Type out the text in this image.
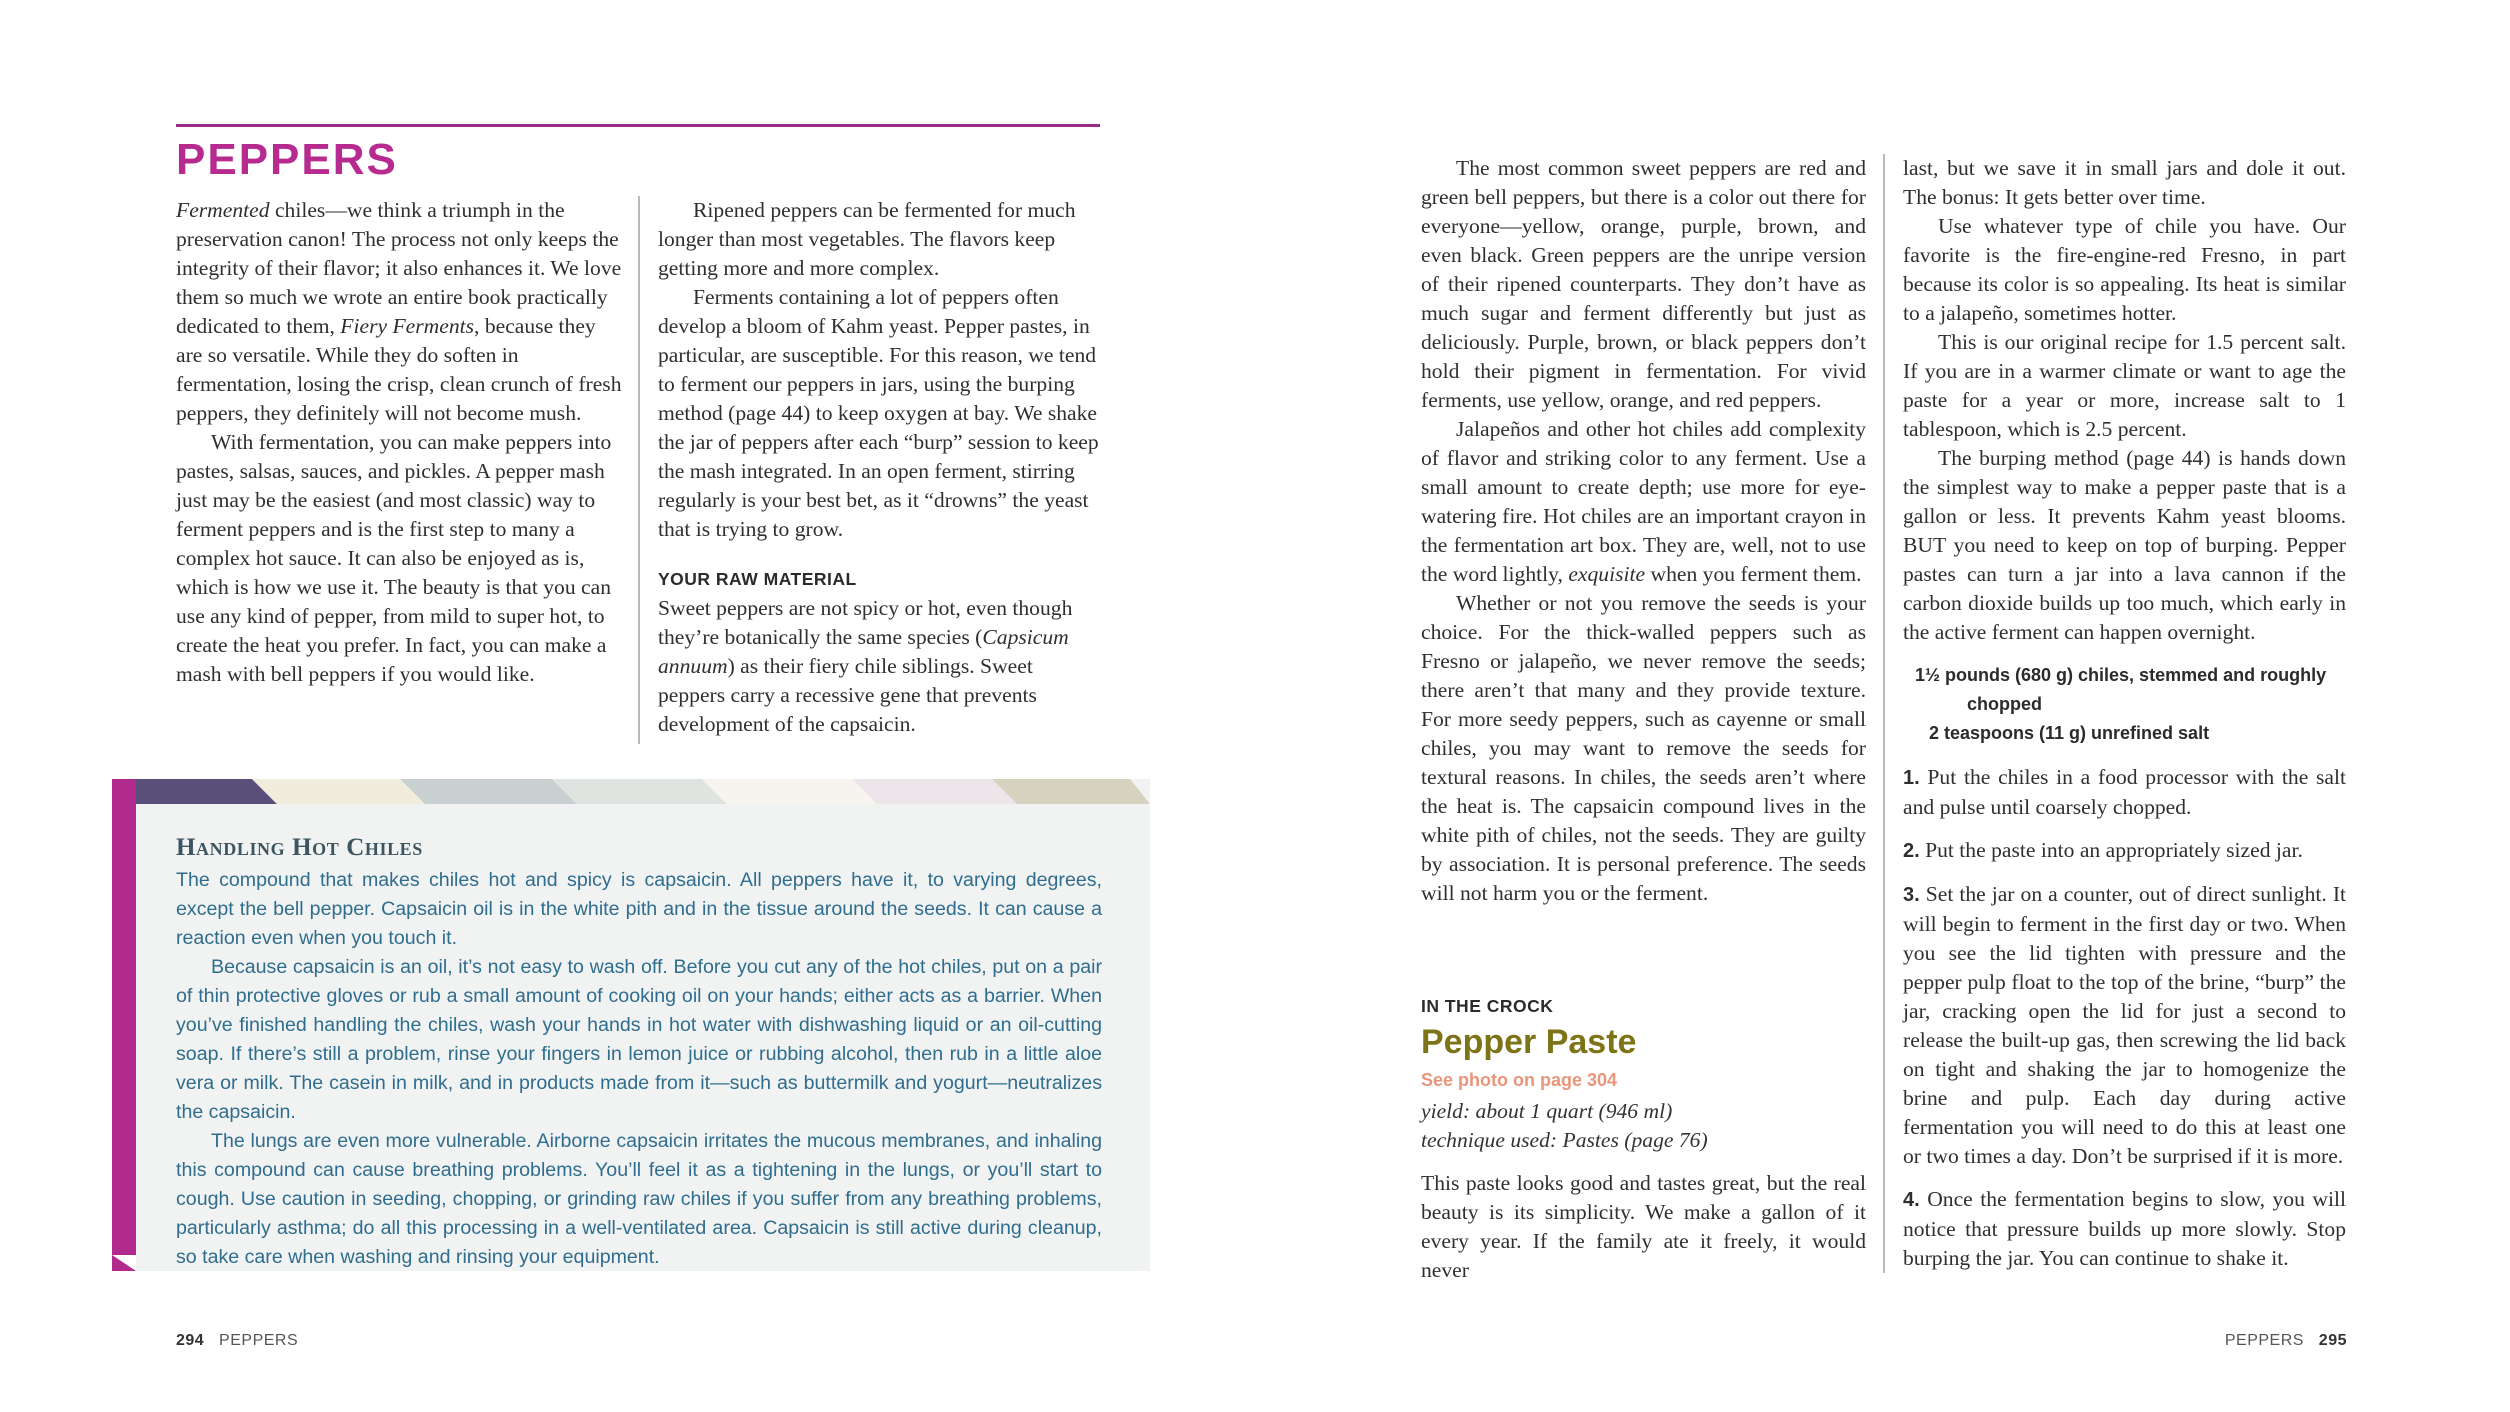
PEPPERS

Fermented chiles—we think a triumph in the preservation canon! The process not only keeps the integrity of their flavor; it also enhances it. We love them so much we wrote an entire book practically dedicated to them, Fiery Ferments, because they are so versatile. While they do soften in fermentation, losing the crisp, clean crunch of fresh peppers, they definitely will not become mush.

With fermentation, you can make peppers into pastes, salsas, sauces, and pickles. A pepper mash just may be the easiest (and most classic) way to ferment peppers and is the first step to many a complex hot sauce. It can also be enjoyed as is, which is how we use it. The beauty is that you can use any kind of pepper, from mild to super hot, to create the heat you prefer. In fact, you can make a mash with bell peppers if you would like.

Ripened peppers can be fermented for much longer than most vegetables. The flavors keep getting more and more complex.

Ferments containing a lot of peppers often develop a bloom of Kahm yeast. Pepper pastes, in particular, are susceptible. For this reason, we tend to ferment our peppers in jars, using the burping method (page 44) to keep oxygen at bay. We shake the jar of peppers after each “burp” session to keep the mash integrated. In an open ferment, stirring regularly is your best bet, as it “drowns” the yeast that is trying to grow.

YOUR RAW MATERIAL

Sweet peppers are not spicy or hot, even though they’re botanically the same species (Capsicum annuum) as their fiery chile siblings. Sweet peppers carry a recessive gene that prevents development of the capsaicin.

Handling Hot Chiles

The compound that makes chiles hot and spicy is capsaicin. All peppers have it, to varying degrees, except the bell pepper. Capsaicin oil is in the white pith and in the tissue around the seeds. It can cause a reaction even when you touch it.

Because capsaicin is an oil, it’s not easy to wash off. Before you cut any of the hot chiles, put on a pair of thin protective gloves or rub a small amount of cooking oil on your hands; either acts as a barrier. When you’ve finished handling the chiles, wash your hands in hot water with dishwashing liquid or an oil-cutting soap. If there’s still a problem, rinse your fingers in lemon juice or rubbing alcohol, then rub in a little aloe vera or milk. The casein in milk, and in products made from it—such as buttermilk and yogurt—neutralizes the capsaicin.

The lungs are even more vulnerable. Airborne capsaicin irritates the mucous membranes, and inhaling this compound can cause breathing problems. You’ll feel it as a tightening in the lungs, or you’ll start to cough. Use caution in seeding, chopping, or grinding raw chiles if you suffer from any breathing problems, particularly asthma; do all this processing in a well-ventilated area. Capsaicin is still active during cleanup, so take care when washing and rinsing your equipment.

294 PEPPERS

The most common sweet peppers are red and green bell peppers, but there is a color out there for everyone—yellow, orange, purple, brown, and even black. Green peppers are the unripe version of their ripened counterparts. They don’t have as much sugar and ferment differently but just as deliciously. Purple, brown, or black peppers don’t hold their pigment in fermentation. For vivid ferments, use yellow, orange, and red peppers.

Jalapeños and other hot chiles add complexity of flavor and striking color to any ferment. Use a small amount to create depth; use more for eye-watering fire. Hot chiles are an important crayon in the fermentation art box. They are, well, not to use the word lightly, exquisite when you ferment them.

Whether or not you remove the seeds is your choice. For the thick-walled peppers such as Fresno or jalapeño, we never remove the seeds; there aren’t that many and they provide texture. For more seedy peppers, such as cayenne or small chiles, you may want to remove the seeds for textural reasons. In chiles, the seeds aren’t where the heat is. The capsaicin compound lives in the white pith of chiles, not the seeds. They are guilty by association. It is personal preference. The seeds will not harm you or the ferment.

IN THE CROCK
Pepper Paste
See photo on page 304
yield: about 1 quart (946 ml)
technique used: Pastes (page 76)

This paste looks good and tastes great, but the real beauty is its simplicity. We make a gallon of it every year. If the family ate it freely, it would never

last, but we save it in small jars and dole it out. The bonus: It gets better over time.

Use whatever type of chile you have. Our favorite is the fire-engine-red Fresno, in part because its color is so appealing. Its heat is similar to a jalapeño, sometimes hotter.

This is our original recipe for 1.5 percent salt. If you are in a warmer climate or want to age the paste for a year or more, increase salt to 1 tablespoon, which is 2.5 percent.

The burping method (page 44) is hands down the simplest way to make a pepper paste that is a gallon or less. It prevents Kahm yeast blooms. BUT you need to keep on top of burping. Pepper pastes can turn a jar into a lava cannon if the carbon dioxide builds up too much, which early in the active ferment can happen overnight.

1½ pounds (680 g) chiles, stemmed and roughly chopped
2 teaspoons (11 g) unrefined salt

1. Put the chiles in a food processor with the salt and pulse until coarsely chopped.

2. Put the paste into an appropriately sized jar.

3. Set the jar on a counter, out of direct sunlight. It will begin to ferment in the first day or two. When you see the lid tighten with pressure and the pepper pulp float to the top of the brine, “burp” the jar, cracking open the lid for just a second to release the built-up gas, then screwing the lid back on tight and shaking the jar to homogenize the brine and pulp. Each day during active fermentation you will need to do this at least one or two times a day. Don’t be surprised if it is more.

4. Once the fermentation begins to slow, you will notice that pressure builds up more slowly. Stop burping the jar. You can continue to shake it.

PEPPERS 295
